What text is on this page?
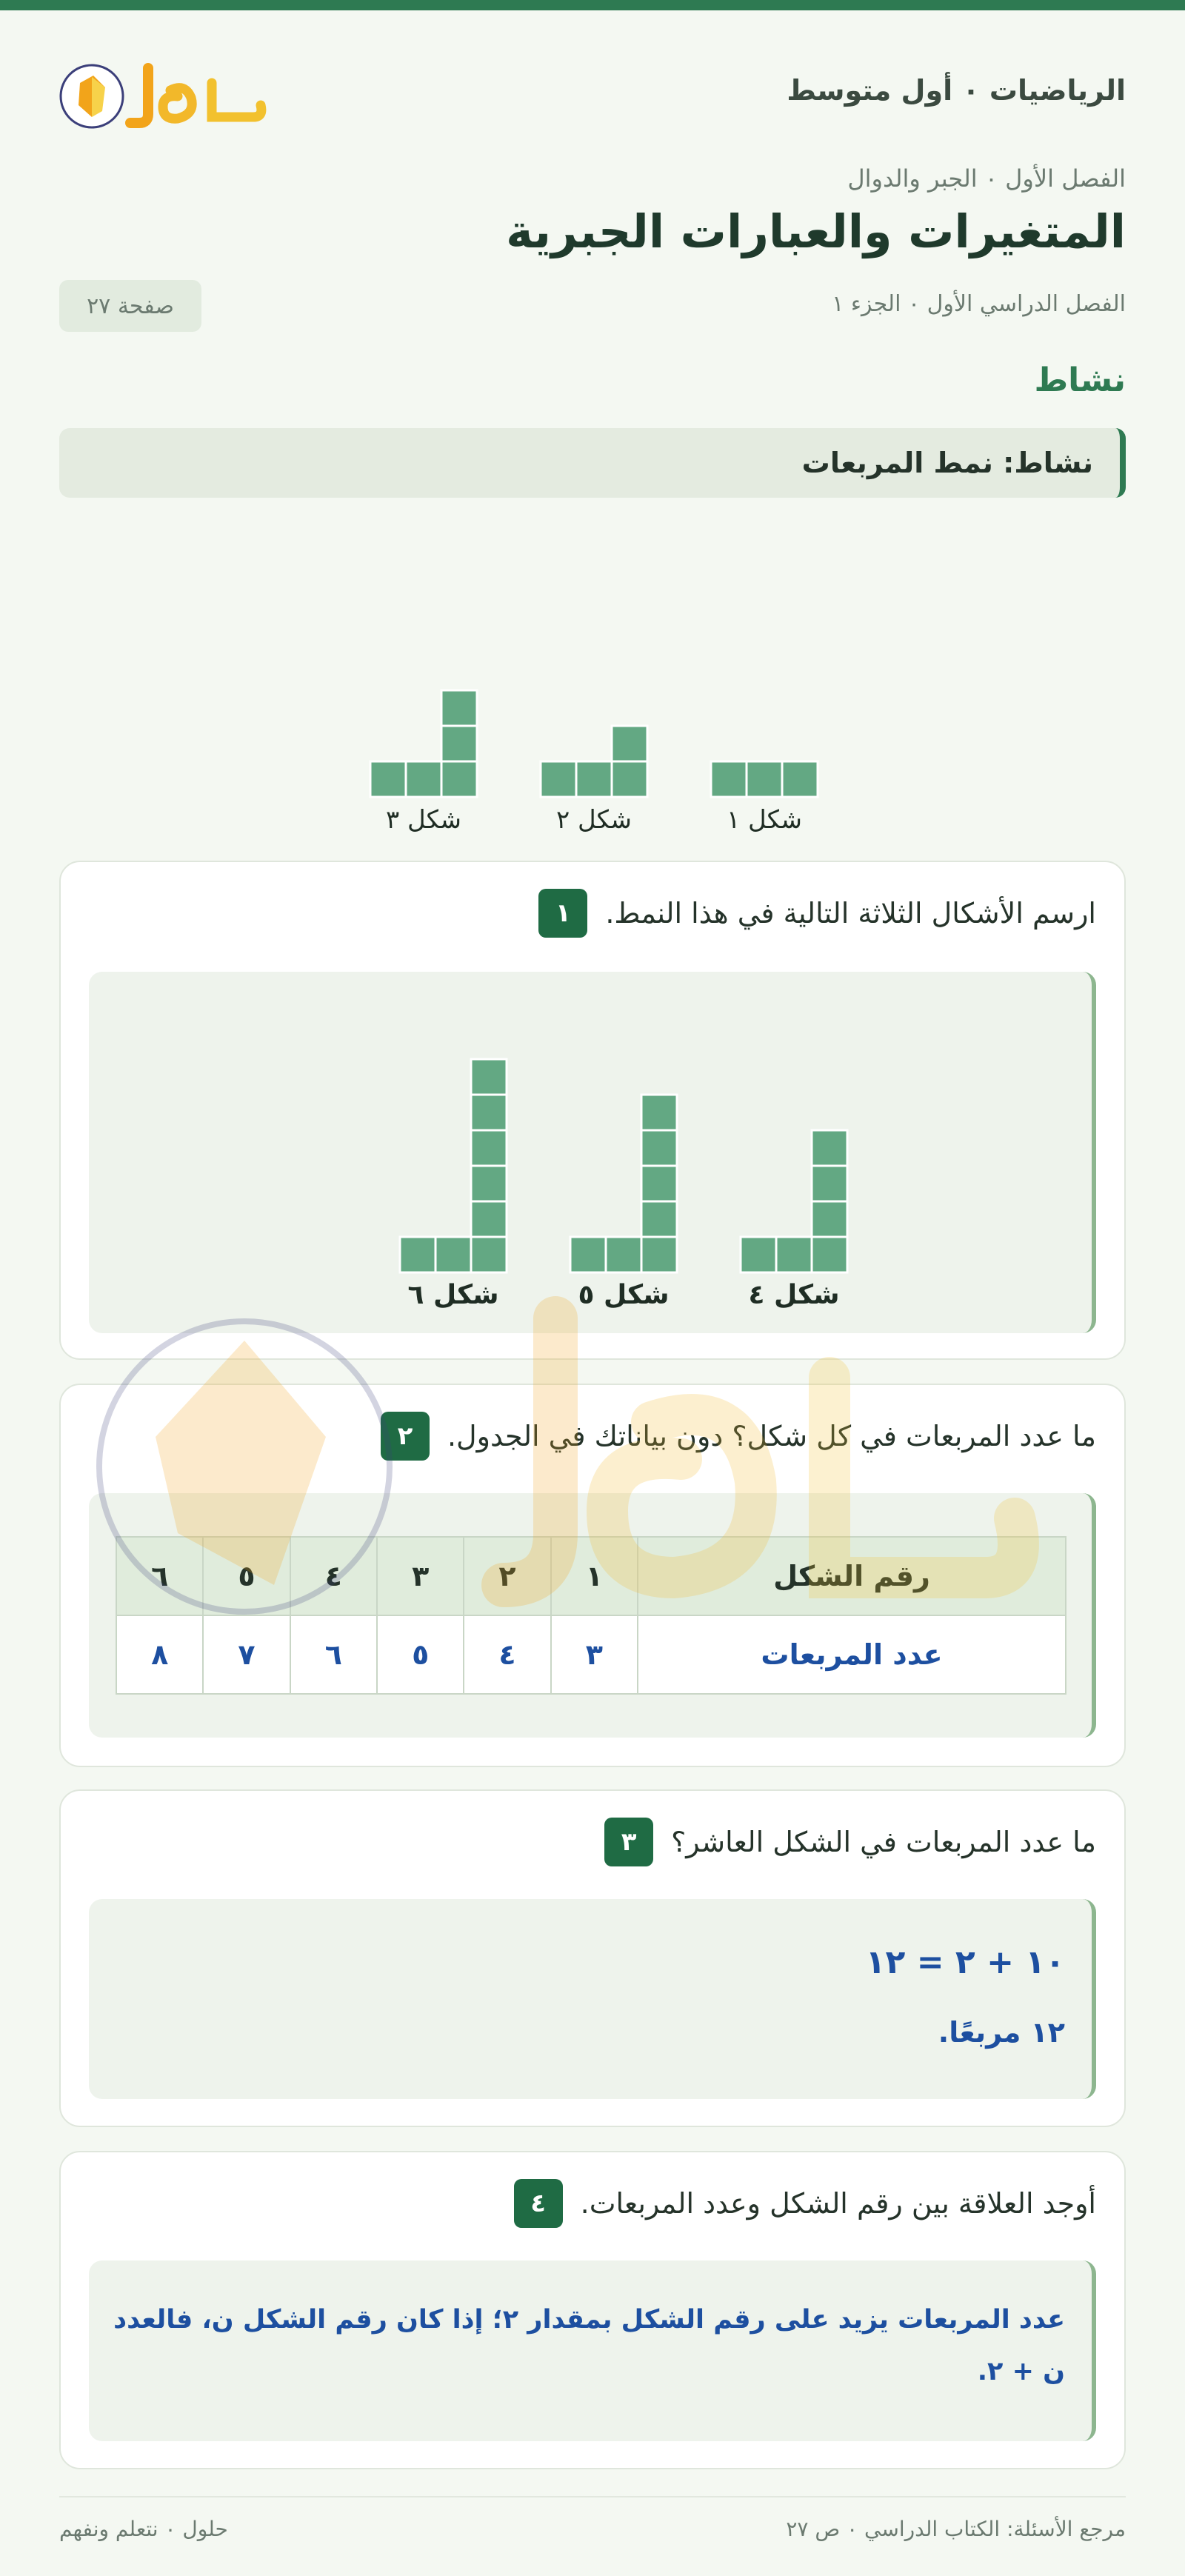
الرياضيات ٠ أول متوسط
الفصل الأول ٠ الجبر والدوال
المتغيرات والعبارات الجبرية
الفصل الدراسي الأول ٠ الجزء ١
صفحة ٢٧
نشاط
نشاط: نمط المربعات
شكل ١
شكل ٢
شكل ٣
ارسم الأشكال الثلاثة التالية في هذا النمط.
١
شكل ٤
شكل ٥
شكل ٦
ما عدد المربعات في كل شكل؟ دون بياناتك في الجدول.
٢
رقم الشكل	١	٢	٣	٤	٥	٦
عدد المربعات	٣	٤	٥	٦	٧	٨
ما عدد المربعات في الشكل العاشر؟
٣
١٠ + ٢ = ١٢
١٢ مربعًا.
أوجد العلاقة بين رقم الشكل وعدد المربعات.
٤
عدد المربعات يزيد على رقم الشكل بمقدار ٢؛ إذا كان رقم الشكل ن، فالعدد
ن + ٢.
مرجع الأسئلة: الكتاب الدراسي ٠ ص ٢٧
حلول ٠ نتعلم ونفهم
